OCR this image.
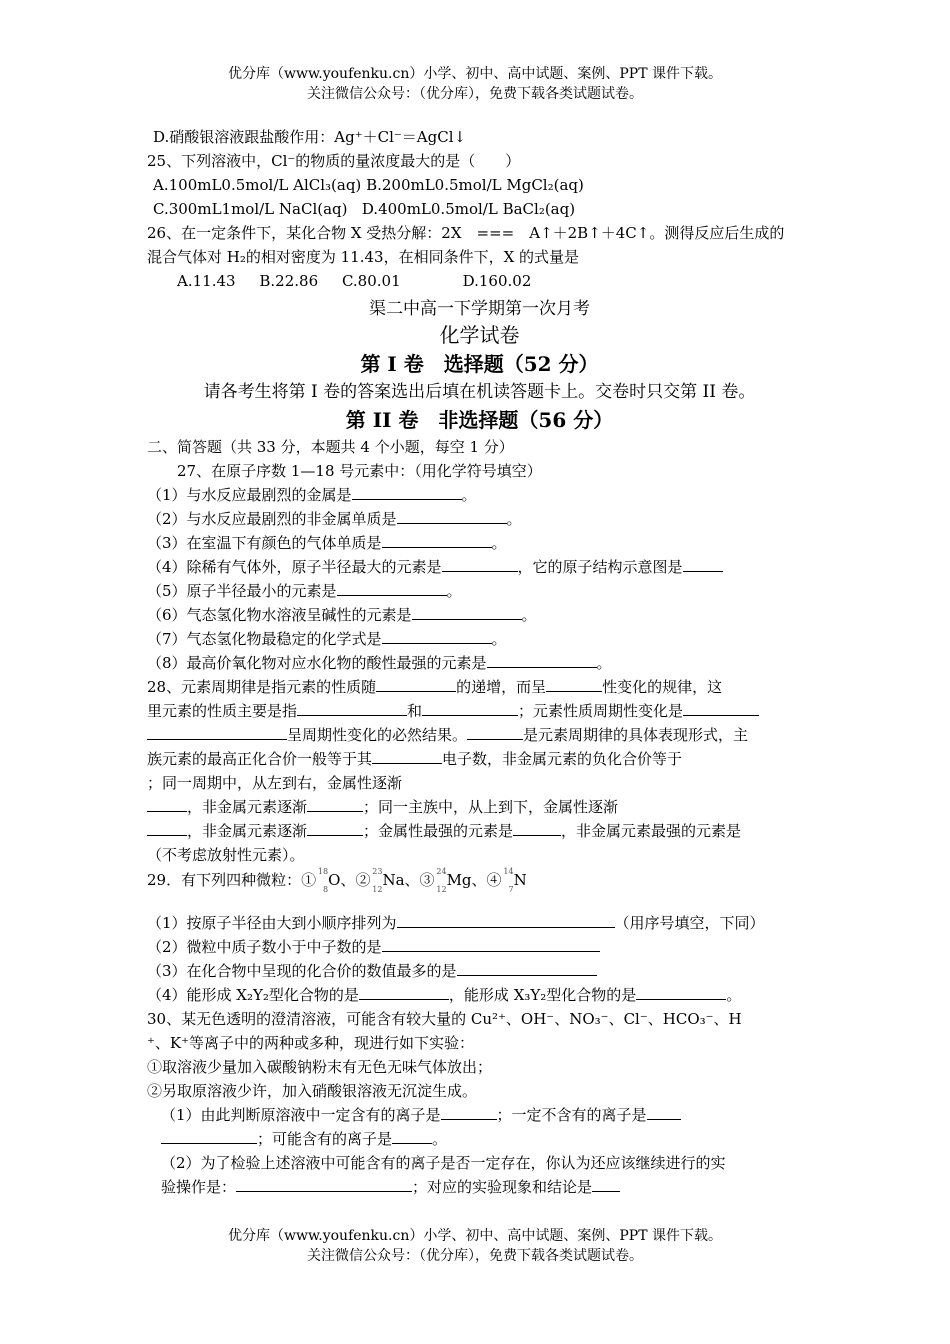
优分库（www.youfenku.cn）小学、初中、高中试题、案例、PPT 课件下载。
关注微信公众号：（优分库），免费下载各类试题试卷。
D.硝酸银溶液跟盐酸作用：Ag⁺＋Cl⁻＝AgCl↓
25、下列溶液中，Cl⁻的物质的量浓度最大的是（　　）
A.100mL0.5mol/L AlCl₃(aq) B.200mL0.5mol/L MgCl₂(aq)
C.300mL1mol/L NaCl(aq) D.400mL0.5mol/L BaCl₂(aq)
26、在一定条件下，某化合物 X 受热分解：2X　===　A↑＋2B↑＋4C↑。测得反应后生成的
混合气体对 H₂的相对密度为 11.43，在相同条件下，X 的式量是
A.11.43 B.22.86 C.80.01	D.160.02
渠二中高一下学期第一次月考
化学试卷
第 I 卷　选择题（52 分）
请各考生将第 I 卷的答案选出后填在机读答题卡上。交卷时只交第 II 卷。
第 II 卷　非选择题（56 分）
二、简答题（共 33 分，本题共 4 个小题，每空 1 分）
27、在原子序数 1—18 号元素中：（用化学符号填空）
（1）与水反应最剧烈的金属是	。
（2）与水反应最剧烈的非金属单质是	。
（3）在室温下有颜色的气体单质是	。
（4）除稀有气体外，原子半径最大的元素是	，它的原子结构示意图是
（5）原子半径最小的元素是	。
（6）气态氢化物水溶液呈碱性的元素是	。
（7）气态氢化物最稳定的化学式是	。
（8）最高价氧化物对应水化物的酸性最强的元素是	。
28、元素周期律是指元素的性质随	的递增，而呈	性变化的规律，这
里元素的性质主要是指	和	；元素性质周期性变化是
呈周期性变化的必然结果。	是元素周期律的具体表现形式，主
族元素的最高正化合价一般等于其	电子数，非金属元素的负化合价等于
；同一周期中，从左到右，金属性逐渐
，非金属元素逐渐	；同一主族中，从上到下，金属性逐渐
，非金属元素逐渐	；金属性最强的元素是	，非金属元素最强的元素是
（不考虑放射性元素）。
29．有下列四种微粒：① 18
8
O、② 23
12
Na、③ 24
12
Mg、④ 14
7
N
（1）按原子半径由大到小顺序排列为	（用序号填空，下同）
（2）微粒中质子数小于中子数的是
（3）在化合物中呈现的化合价的数值最多的是
（4）能形成 X₂Y₂型化合物的是	，能形成 X₃Y₂型化合物的是	。
30、某无色透明的澄清溶液，可能含有较大量的 Cu²⁺、OH⁻、NO₃⁻、Cl⁻、HCO₃⁻、H
⁺、K⁺等离子中的两种或多种，现进行如下实验：
①取溶液少量加入碳酸钠粉末有无色无味气体放出；
②另取原溶液少许，加入硝酸银溶液无沉淀生成。
（1）由此判断原溶液中一定含有的离子是	；一定不含有的离子是
；可能含有的离子是	。
（2）为了检验上述溶液中可能含有的离子是否一定存在，你认为还应该继续进行的实
验操作是：	；对应的实验现象和结论是
优分库（www.youfenku.cn）小学、初中、高中试题、案例、PPT 课件下载。
关注微信公众号：（优分库），免费下载各类试题试卷。
